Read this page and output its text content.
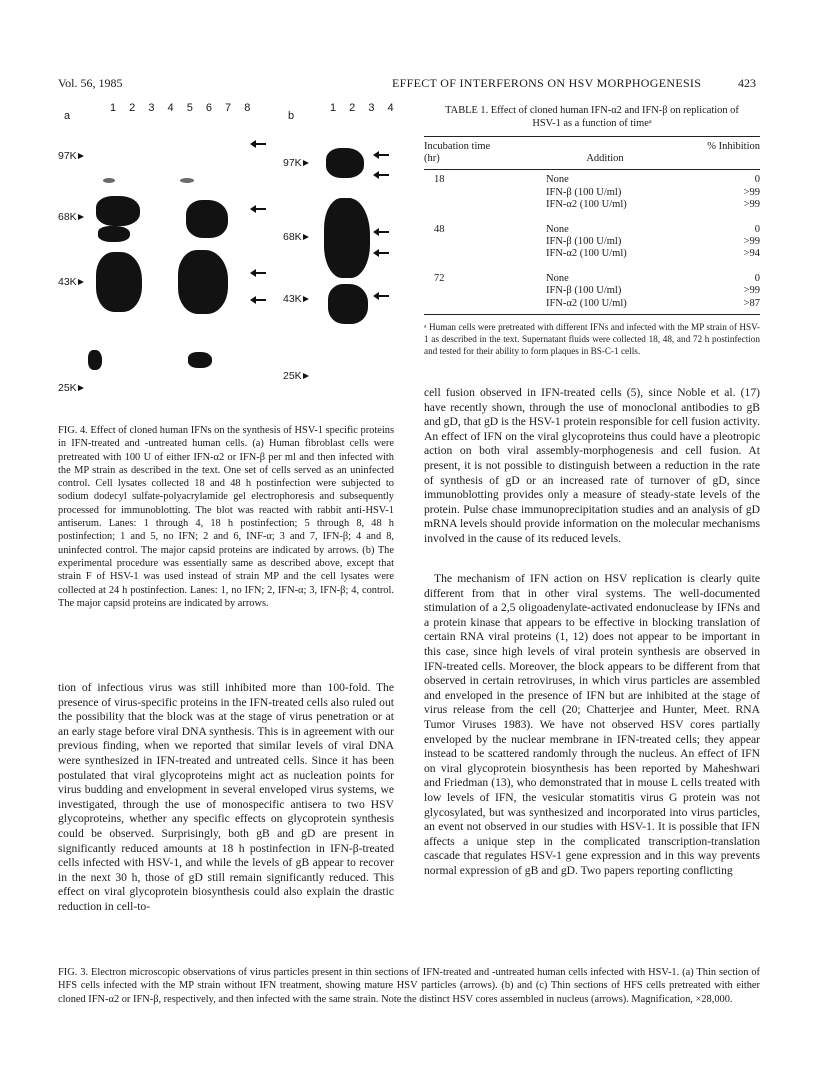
Vol. 56, 1985	EFFECT OF INTERFERONS ON HSV MORPHOGENESIS	423
a
1 2 3 4 5 6 7 8
97K
68K
43K
25K
b
1 2 3 4
97K
68K
43K
25K
FIG. 4. Effect of cloned human IFNs on the synthesis of HSV-1 specific proteins in IFN-treated and -untreated human cells. (a) Human fibroblast cells were pretreated with 100 U of either IFN-α2 or IFN-β per ml and then infected with the MP strain as described in the text. One set of cells served as an uninfected control. Cell lysates collected 18 and 48 h postinfection were subjected to sodium dodecyl sulfate-polyacrylamide gel electrophoresis and subsequently processed for immunoblotting. The blot was reacted with rabbit anti-HSV-1 antiserum. Lanes: 1 through 4, 18 h postinfection; 5 through 8, 48 h postinfection; 1 and 5, no IFN; 2 and 6, INF-α; 3 and 7, IFN-β; 4 and 8, uninfected control. The major capsid proteins are indicated by arrows. (b) The experimental procedure was essentially same as described above, except that strain F of HSV-1 was used instead of strain MP and the cell lysates were collected at 24 h postinfection. Lanes: 1, no IFN; 2, IFN-α; 3, IFN-β; 4, control. The major capsid proteins are indicated by arrows.
tion of infectious virus was still inhibited more than 100-fold. The presence of virus-specific proteins in the IFN-treated cells also ruled out the possibility that the block was at the stage of virus penetration or at an early stage before viral DNA synthesis. This is in agreement with our previous finding, when we reported that similar levels of viral DNA were synthesized in IFN-treated and untreated cells. Since it has been postulated that viral glycoproteins might act as nucleation points for virus budding and envelopment in several enveloped virus systems, we investigated, through the use of monospecific antisera to two HSV glycoproteins, whether any specific effects on glycoprotein synthesis could be observed. Surprisingly, both gB and gD are present in significantly reduced amounts at 18 h postinfection in IFN-β-treated cells infected with HSV-1, and while the levels of gB appear to recover in the next 30 h, those of gD still remain significantly reduced. This effect on viral glycoprotein biosynthesis could also explain the drastic reduction in cell-to-
TABLE 1. Effect of cloned human IFN-α2 and IFN-β on replication of HSV-1 as a function of timeᵃ
Incubation time (hr)	Addition	% Inhibition
18	None	0
	IFN-β (100 U/ml)	>99
	IFN-α2 (100 U/ml)	>99
48	None	0
	IFN-β (100 U/ml)	>99
	IFN-α2 (100 U/ml)	>94
72	None	0
	IFN-β (100 U/ml)	>99
	IFN-α2 (100 U/ml)	>87
ᵃ Human cells were pretreated with different IFNs and infected with the MP strain of HSV-1 as described in the text. Supernatant fluids were collected 18, 48, and 72 h postinfection and tested for their ability to form plaques in BS-C-1 cells.
cell fusion observed in IFN-treated cells (5), since Noble et al. (17) have recently shown, through the use of monoclonal antibodies to gB and gD, that gD is the HSV-1 protein responsible for cell fusion activity. An effect of IFN on the viral glycoproteins thus could have a pleotropic action on both viral assembly-morphogenesis and cell fusion. At present, it is not possible to distinguish between a reduction in the rate of synthesis of gD or an increased rate of turnover of gD, since immunoblotting provides only a measure of steady-state levels of the protein. Pulse chase immunoprecipitation studies and an analysis of gD mRNA levels should provide information on the molecular mechanisms involved in the cause of its reduced levels.
The mechanism of IFN action on HSV replication is clearly quite different from that in other viral systems. The well-documented stimulation of a 2,5 oligoadenylate-activated endonuclease by IFNs and a protein kinase that appears to be effective in blocking translation of certain RNA viral proteins (1, 12) does not appear to be important in this case, since high levels of viral protein synthesis are observed in IFN-treated cells. Moreover, the block appears to be different from that observed in certain retroviruses, in which virus particles are assembled and enveloped in the presence of IFN but are inhibited at the stage of virus release from the cell (20; Chatterjee and Hunter, Meet. RNA Tumor Viruses 1983). We have not observed HSV cores partially enveloped by the nuclear membrane in IFN-treated cells; they appear instead to be scattered randomly through the nucleus. An effect of IFN on viral glycoprotein biosynthesis has been reported by Maheshwari and Friedman (13), who demonstrated that in mouse L cells treated with low levels of IFN, the vesicular stomatitis virus G protein was not glycosylated, but was synthesized and incorporated into virus particles, an event not observed in our studies with HSV-1. It is possible that IFN affects a unique step in the complicated transcription-translation cascade that regulates HSV-1 gene expression and in this way prevents normal expression of gB and gD. Two papers reporting conflicting
FIG. 3. Electron microscopic observations of virus particles present in thin sections of IFN-treated and -untreated human cells infected with HSV-1. (a) Thin section of HFS cells infected with the MP strain without IFN treatment, showing mature HSV particles (arrows). (b) and (c) Thin sections of HFS cells pretreated with either cloned IFN-α2 or IFN-β, respectively, and then infected with the same strain. Note the distinct HSV cores assembled in nucleus (arrows). Magnification, ×28,000.
